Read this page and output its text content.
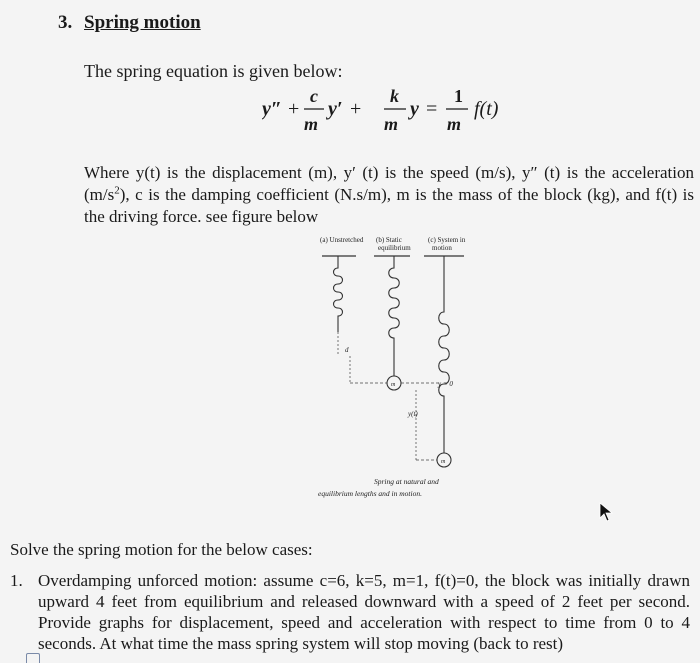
3. Spring motion
The spring equation is given below:
y″ +
c
m
y′ +
k
m
y =
1
m
f(t)
Where y(t) is the displacement (m), y′ (t) is the speed (m/s), y″ (t) is the acceleration $(m/s^2)$, c is the damping coefficient (N.s/m), m is the mass of the block (kg), and f(t) is the driving force. see figure below
(a) Unstretched (b) Static
equilibrium
(c) System in
motion
d
m	y = 0
y(t)
m
Spring at natural and
equilibrium lengths and in motion.
Solve the spring motion for the below cases:
1. Overdamping unforced motion: assume c=6, k=5, m=1, f(t)=0, the block was initially drawn upward 4 feet from equilibrium and released downward with a speed of 2 feet per second. Provide graphs for displacement, speed and acceleration with respect to time from 0 to 4 seconds. At what time the mass spring system will stop moving (back to rest)
